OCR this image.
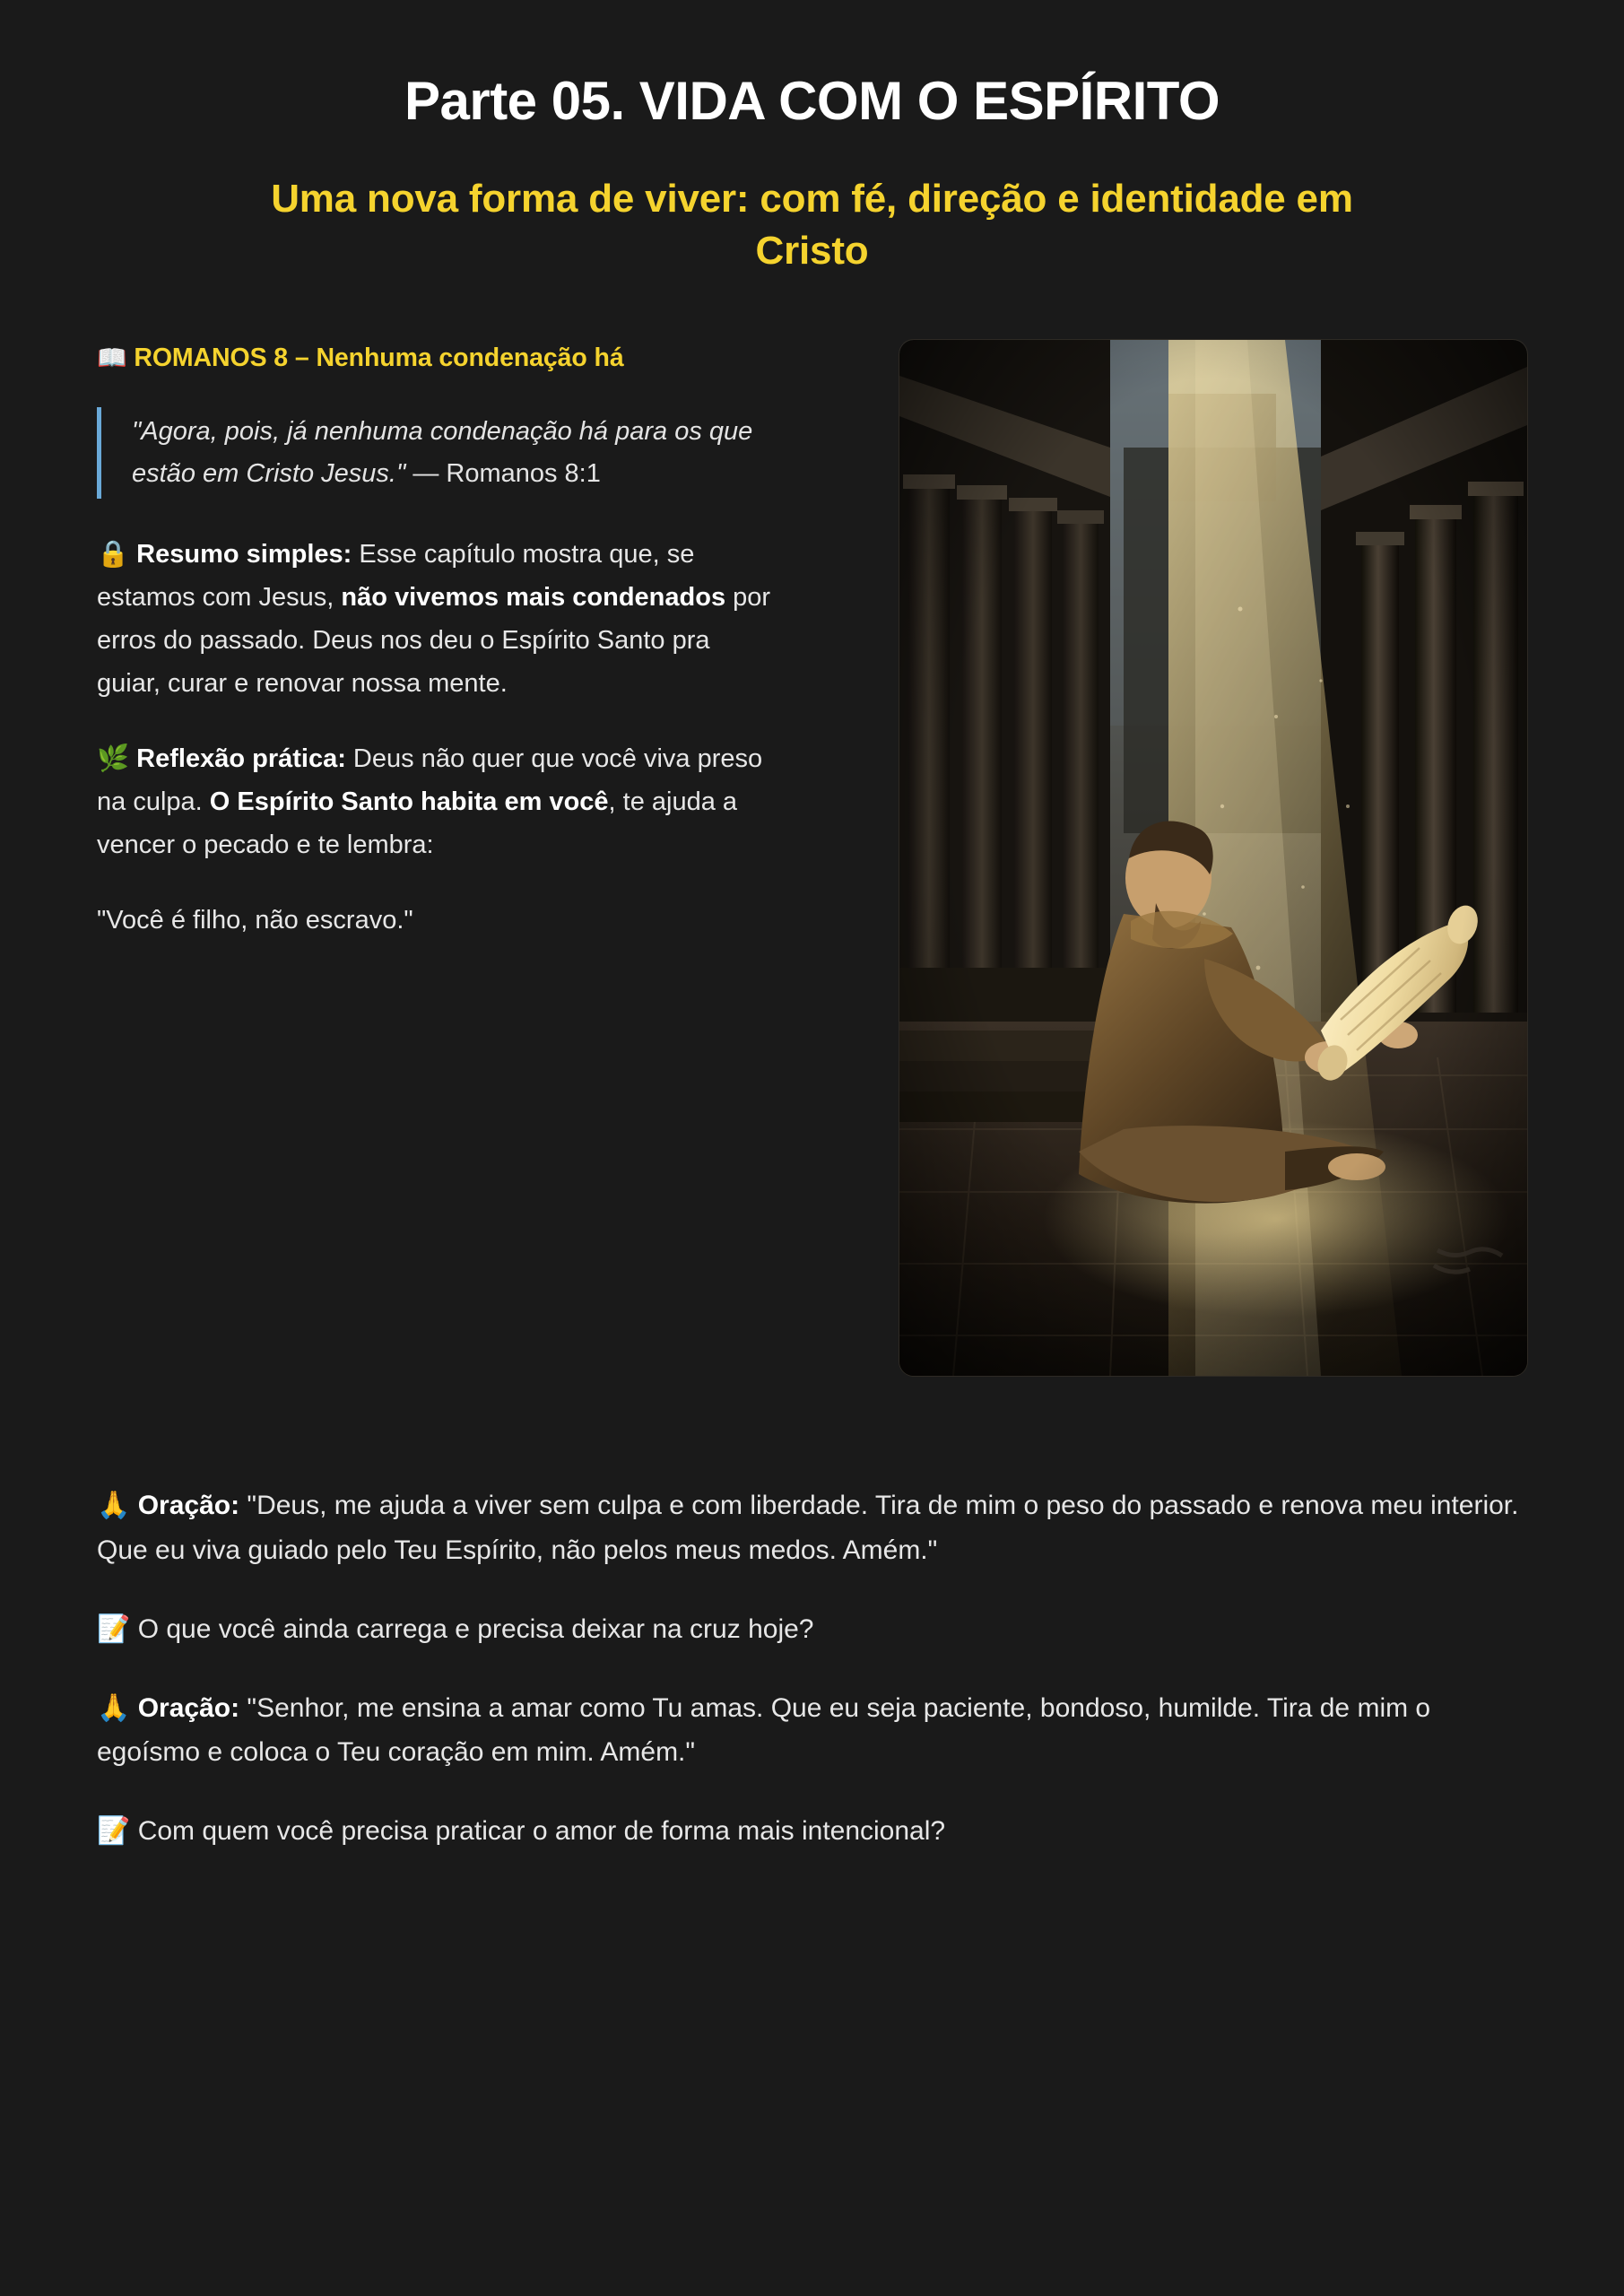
Parte 05. VIDA COM O ESPÍRITO
Uma nova forma de viver: com fé, direção e identidade em Cristo
📖 ROMANOS 8 – Nenhuma condenação há
"Agora, pois, já nenhuma condenação há para os que estão em Cristo Jesus." — Romanos 8:1

🔒 Resumo simples: Esse capítulo mostra que, se estamos com Jesus, não vivemos mais condenados por erros do passado. Deus nos deu o Espírito Santo pra guiar, curar e renovar nossa mente.

🌿 Reflexão prática: Deus não quer que você viva preso na culpa. O Espírito Santo habita em você, te ajuda a vencer o pecado e te lembra:

"Você é filho, não escravo."

🙏 Oração: "Deus, me ajuda a viver sem culpa e com liberdade. Tira de mim o peso do passado e renova meu interior. Que eu viva guiado pelo Teu Espírito, não pelos meus medos. Amém."

📝 O que você ainda carrega e precisa deixar na cruz hoje?

🙏 Oração: "Senhor, me ensina a amar como Tu amas. Que eu seja paciente, bondoso, humilde. Tira de mim o egoísmo e coloca o Teu coração em mim. Amém."

📝 Com quem você precisa praticar o amor de forma mais intencional?
